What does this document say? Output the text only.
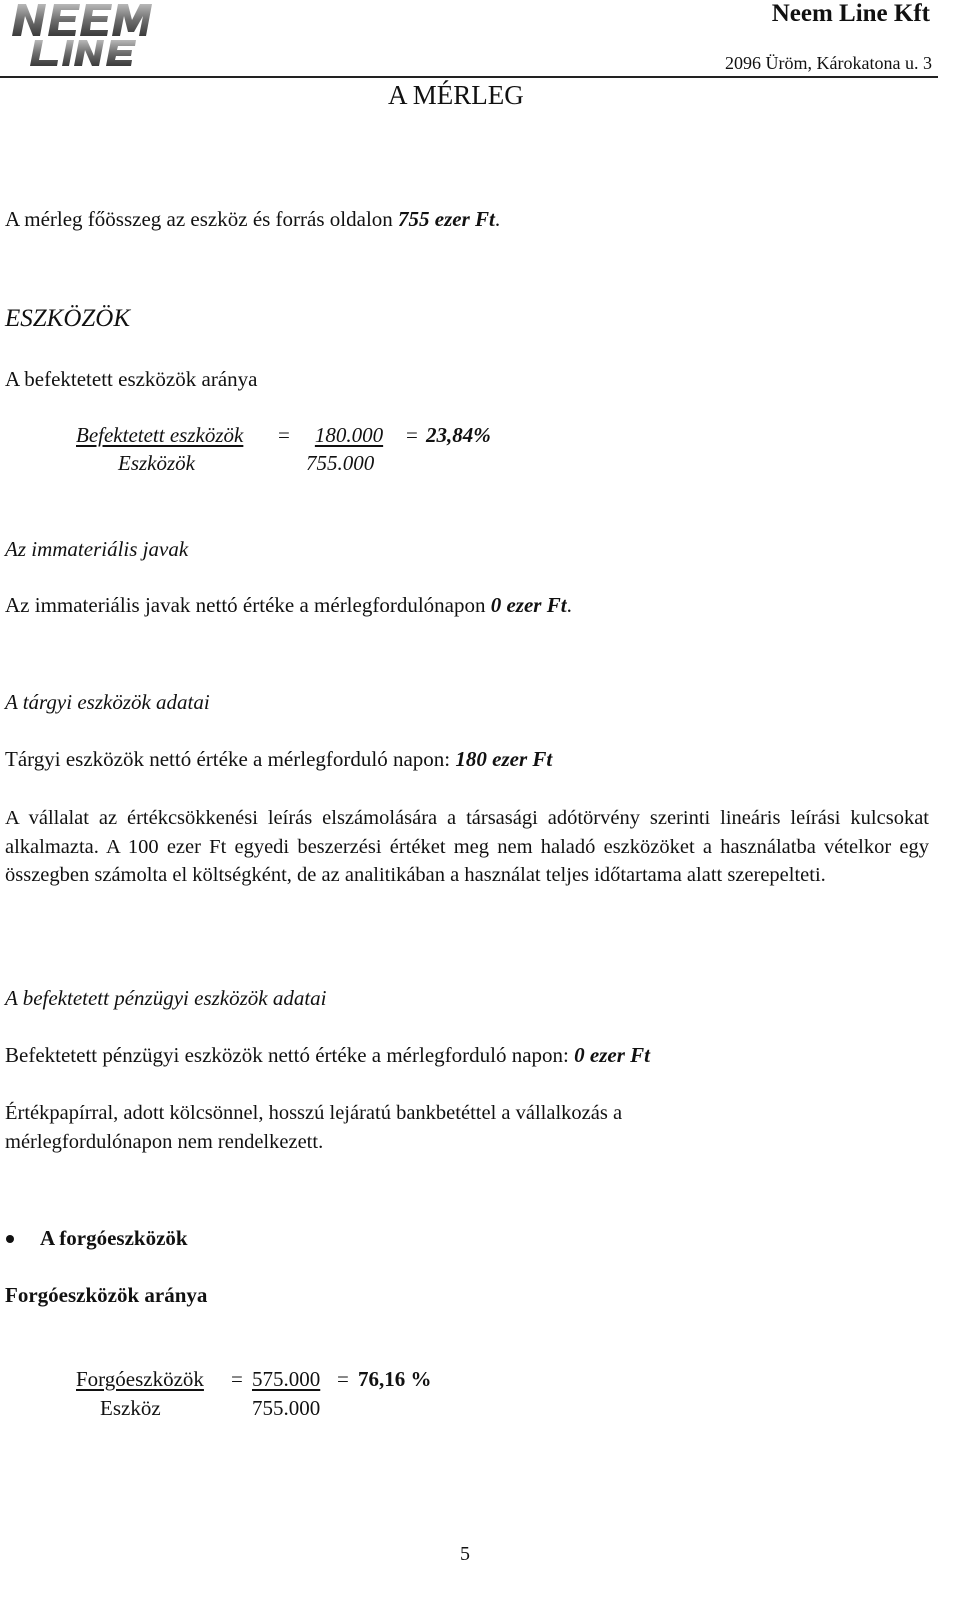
Neem Line Kft
2096 Üröm, Károkatona u. 3
A MÉRLEG
A mérleg főösszeg az eszköz és forrás oldalon 755 ezer Ft.
ESZKÖZÖK
A befektetett eszközök aránya
Befektetett eszközök =	180.000	= 23,84%
Eszközök	755.000
Az immateriális javak
Az immateriális javak nettó értéke a mérlegfordulónapon 0 ezer Ft.
A tárgyi eszközök adatai
Tárgyi eszközök nettó értéke a mérlegforduló napon: 180 ezer Ft
A vállalat az értékcsökkenési leírás elszámolására a társasági adótörvény szerinti lineáris leírási kulcsokat alkalmazta. A 100 ezer Ft egyedi beszerzési értéket meg nem haladó eszközöket a használatba vételkor egy összegben számolta el költségként, de az analitikában a használat teljes időtartama alatt szerepelteti.
A befektetett pénzügyi eszközök adatai
Befektetett pénzügyi eszközök nettó értéke a mérlegforduló napon: 0 ezer Ft
Értékpapírral, adott kölcsönnel, hosszú lejáratú bankbetéttel a vállalkozás a mérlegfordulónapon nem rendelkezett.
A forgóeszközök
Forgóeszközök aránya
Forgóeszközök = 575.000 = 76,16 %
Eszköz	755.000
5
